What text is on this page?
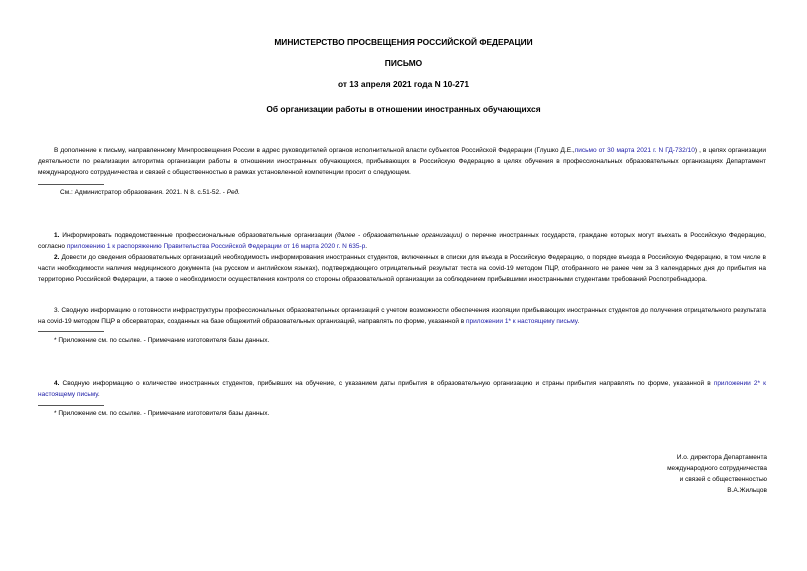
МИНИСТЕРСТВО ПРОСВЕЩЕНИЯ РОССИЙСКОЙ ФЕДЕРАЦИИ
ПИСЬМО
от 13 апреля 2021 года N 10-271
Об организации работы в отношении иностранных обучающихся
В дополнение к письму, направленному Минпросвещения России в адрес руководителей органов исполнительной власти субъектов Российской Федерации (Глушко Д.Е.,письмо от 30 марта 2021 г. N ГД-732/10) , в целях организации деятельности по реализации алгоритма организации работы в отношении иностранных обучающихся, прибывающих в Российскую Федерацию в целях обучения в профессиональных образовательных организациях Департамент международного сотрудничества и связей с общественностью в рамках установленной компетенции просит о следующем.
См.: Администратор образования. 2021. N 8. с.51-52. - Ред.
1. Информировать подведомственные профессиональные образовательные организации (далее - образовательные организации) о перечне иностранных государств, граждане которых могут въехать в Российскую Федерацию, согласно приложению 1 к распоряжению Правительства Российской Федерации от 16 марта 2020 г. N 635-р.
2. Довести до сведения образовательных организаций необходимость информирования иностранных студентов, включенных в списки для въезда в Российскую Федерацию, о порядке въезда в Российскую Федерацию, в том числе в части необходимости наличия медицинского документа (на русском и английском языках), подтверждающего отрицательный результат теста на covid-19 методом ПЦР, отобранного не ранее чем за 3 календарных дня до прибытия на территорию Российской Федерации, а также о необходимости осуществления контроля со стороны образовательной организации за соблюдением прибывшими иностранными студентами требований Роспотребнадзора.
3. Сводную информацию о готовности инфраструктуры профессиональных образовательных организаций с учетом возможности обеспечения изоляции прибывающих иностранных студентов до получения отрицательного результата на covid-19 методом ПЦР в обсерваторах, созданных на базе общежитий образовательных организаций, направлять по форме, указанной в приложении 1* к настоящему письму.
* Приложение см. по ссылке. - Примечание изготовителя базы данных.
4. Сводную информацию о количестве иностранных студентов, прибывших на обучение, с указанием даты прибытия в образовательную организацию и страны прибытия направлять по форме, указанной в приложении 2* к настоящему письму.
* Приложение см. по ссылке. - Примечание изготовителя базы данных.
И.о. директора Департамента
международного сотрудничества
и связей с общественностью
В.А.Жильцов
